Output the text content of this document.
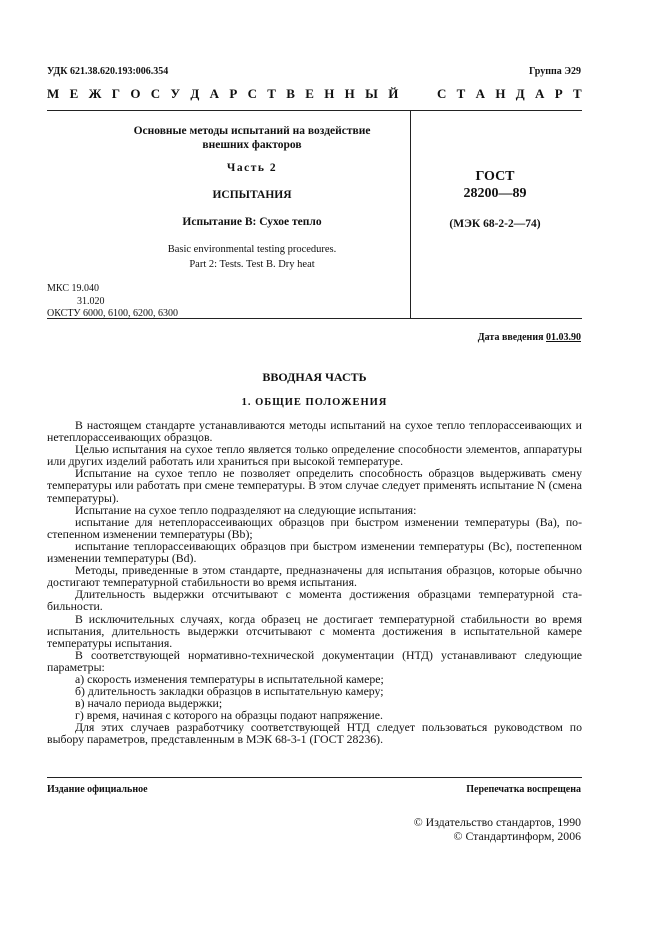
УДК 621.38.620.193:006.354	Группа Э29
М Е Ж Г О С У Д А Р С Т В Е Н Н Ы Й	С Т А Н Д А Р Т
Основные методы испытаний на воздействие
внешних факторов
Часть 2
ИСПЫТАНИЯ
Испытание В: Сухое тепло
Basic environmental testing procedures.
Part 2: Tests. Test B. Dry heat
ГОСТ
28200—89
(МЭК 68-2-2—74)
МКС 19.040
31.020
ОКСТУ 6000, 6100, 6200, 6300
Дата введения 01.03.90
ВВОДНАЯ ЧАСТЬ
1. ОБЩИЕ ПОЛОЖЕНИЯ

В настоящем стандарте устанавливаются методы испытаний на сухое тепло теплорассеивающих и нетеплорассеивающих образцов.

Целью испытания на сухое тепло является только определение способности элементов, аппаратуры или других изделий работать или храниться при высокой температуре.

Испытание на сухое тепло не позволяет определить способность образцов выдерживать смену температуры или работать при смене температуры. В этом случае следует применять испытание N (смена температуры).

Испытание на сухое тепло подразделяют на следующие испытания:

испытание для нетеплорассеивающих образцов при быстром изменении температуры (Ва), постепенном изменении температуры (Bb);

испытание теплорассеивающих образцов при быстром изменении температуры (Вс), постепенном изменении температуры (Bd).

Методы, приведенные в этом стандарте, предназначены для испытания образцов, которые обычно достигают температурной стабильности во время испытания.

Длительность выдержки отсчитывают с момента достижения образцами температурной стабильности.

В исключительных случаях, когда образец не достигает температурной стабильности во время испытания, длительность выдержки отсчитывают с момента достижения в испытательной камере температуры испытания.

В соответствующей нормативно-технической документации (НТД) устанавливают следующие параметры:

а) скорость изменения температуры в испытательной камере;

б) длительность закладки образцов в испытательную камеру;

в) начало периода выдержки;

г) время, начиная с которого на образцы подают напряжение.

Для этих случаев разработчику соответствующей НТД следует пользоваться руководством по выбору параметров, представленным в МЭК 68-3-1 (ГОСТ 28236).

Издание официальное	Перепечатка воспрещена
© Издательство стандартов, 1990
© Стандартинформ, 2006
